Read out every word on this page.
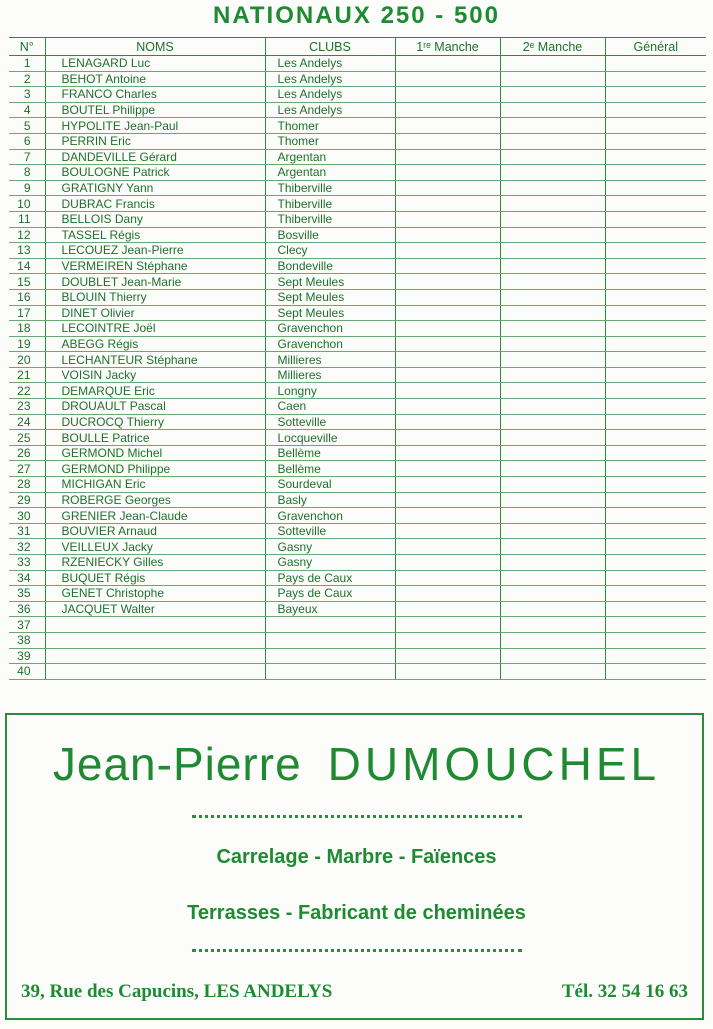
NATIONAUX 250 - 500
N°	NOMS	CLUBS	1ʳᵉ Manche	2ᵉ Manche	Général
1	LENAGARD Luc	Les Andelys			
2	BEHOT Antoine	Les Andelys			
3	FRANCO Charles	Les Andelys			
4	BOUTEL Philippe	Les Andelys			
5	HYPOLITE Jean-Paul	Thomer			
6	PERRIN Eric	Thomer			
7	DANDEVILLE Gérard	Argentan			
8	BOULOGNE Patrick	Argentan			
9	GRATIGNY Yann	Thiberville			
10	DUBRAC Francis	Thiberville			
11	BELLOIS Dany	Thiberville			
12	TASSEL Régis	Bosville			
13	LECOUEZ Jean-Pierre	Clecy			
14	VERMEIREN Stéphane	Bondeville			
15	DOUBLET Jean-Marie	Sept Meules			
16	BLOUIN Thierry	Sept Meules			
17	DINET Olivier	Sept Meules			
18	LECOINTRE Joël	Gravenchon			
19	ABEGG Régis	Gravenchon			
20	LECHANTEUR Stéphane	Millieres			
21	VOISIN Jacky	Millieres			
22	DEMARQUE Eric	Longny			
23	DROUAULT Pascal	Caen			
24	DUCROCQ Thierry	Sotteville			
25	BOULLE Patrice	Locqueville			
26	GERMOND Michel	Bellème			
27	GERMOND Philippe	Bellème			
28	MICHIGAN Eric	Sourdeval			
29	ROBERGE Georges	Basly			
30	GRENIER Jean-Claude	Gravenchon			
31	BOUVIER Arnaud	Sotteville			
32	VEILLEUX Jacky	Gasny			
33	RZENIECKY Gilles	Gasny			
34	BUQUET Régis	Pays de Caux			
35	GENET Christophe	Pays de Caux			
36	JACQUET Walter	Bayeux			
37					
38					
39					
40					
Jean-Pierre DUMOUCHEL
Carrelage - Marbre - Faïences
Terrasses - Fabricant de cheminées
39, Rue des Capucins, LES ANDELYS	Tél. 32 54 16 63
